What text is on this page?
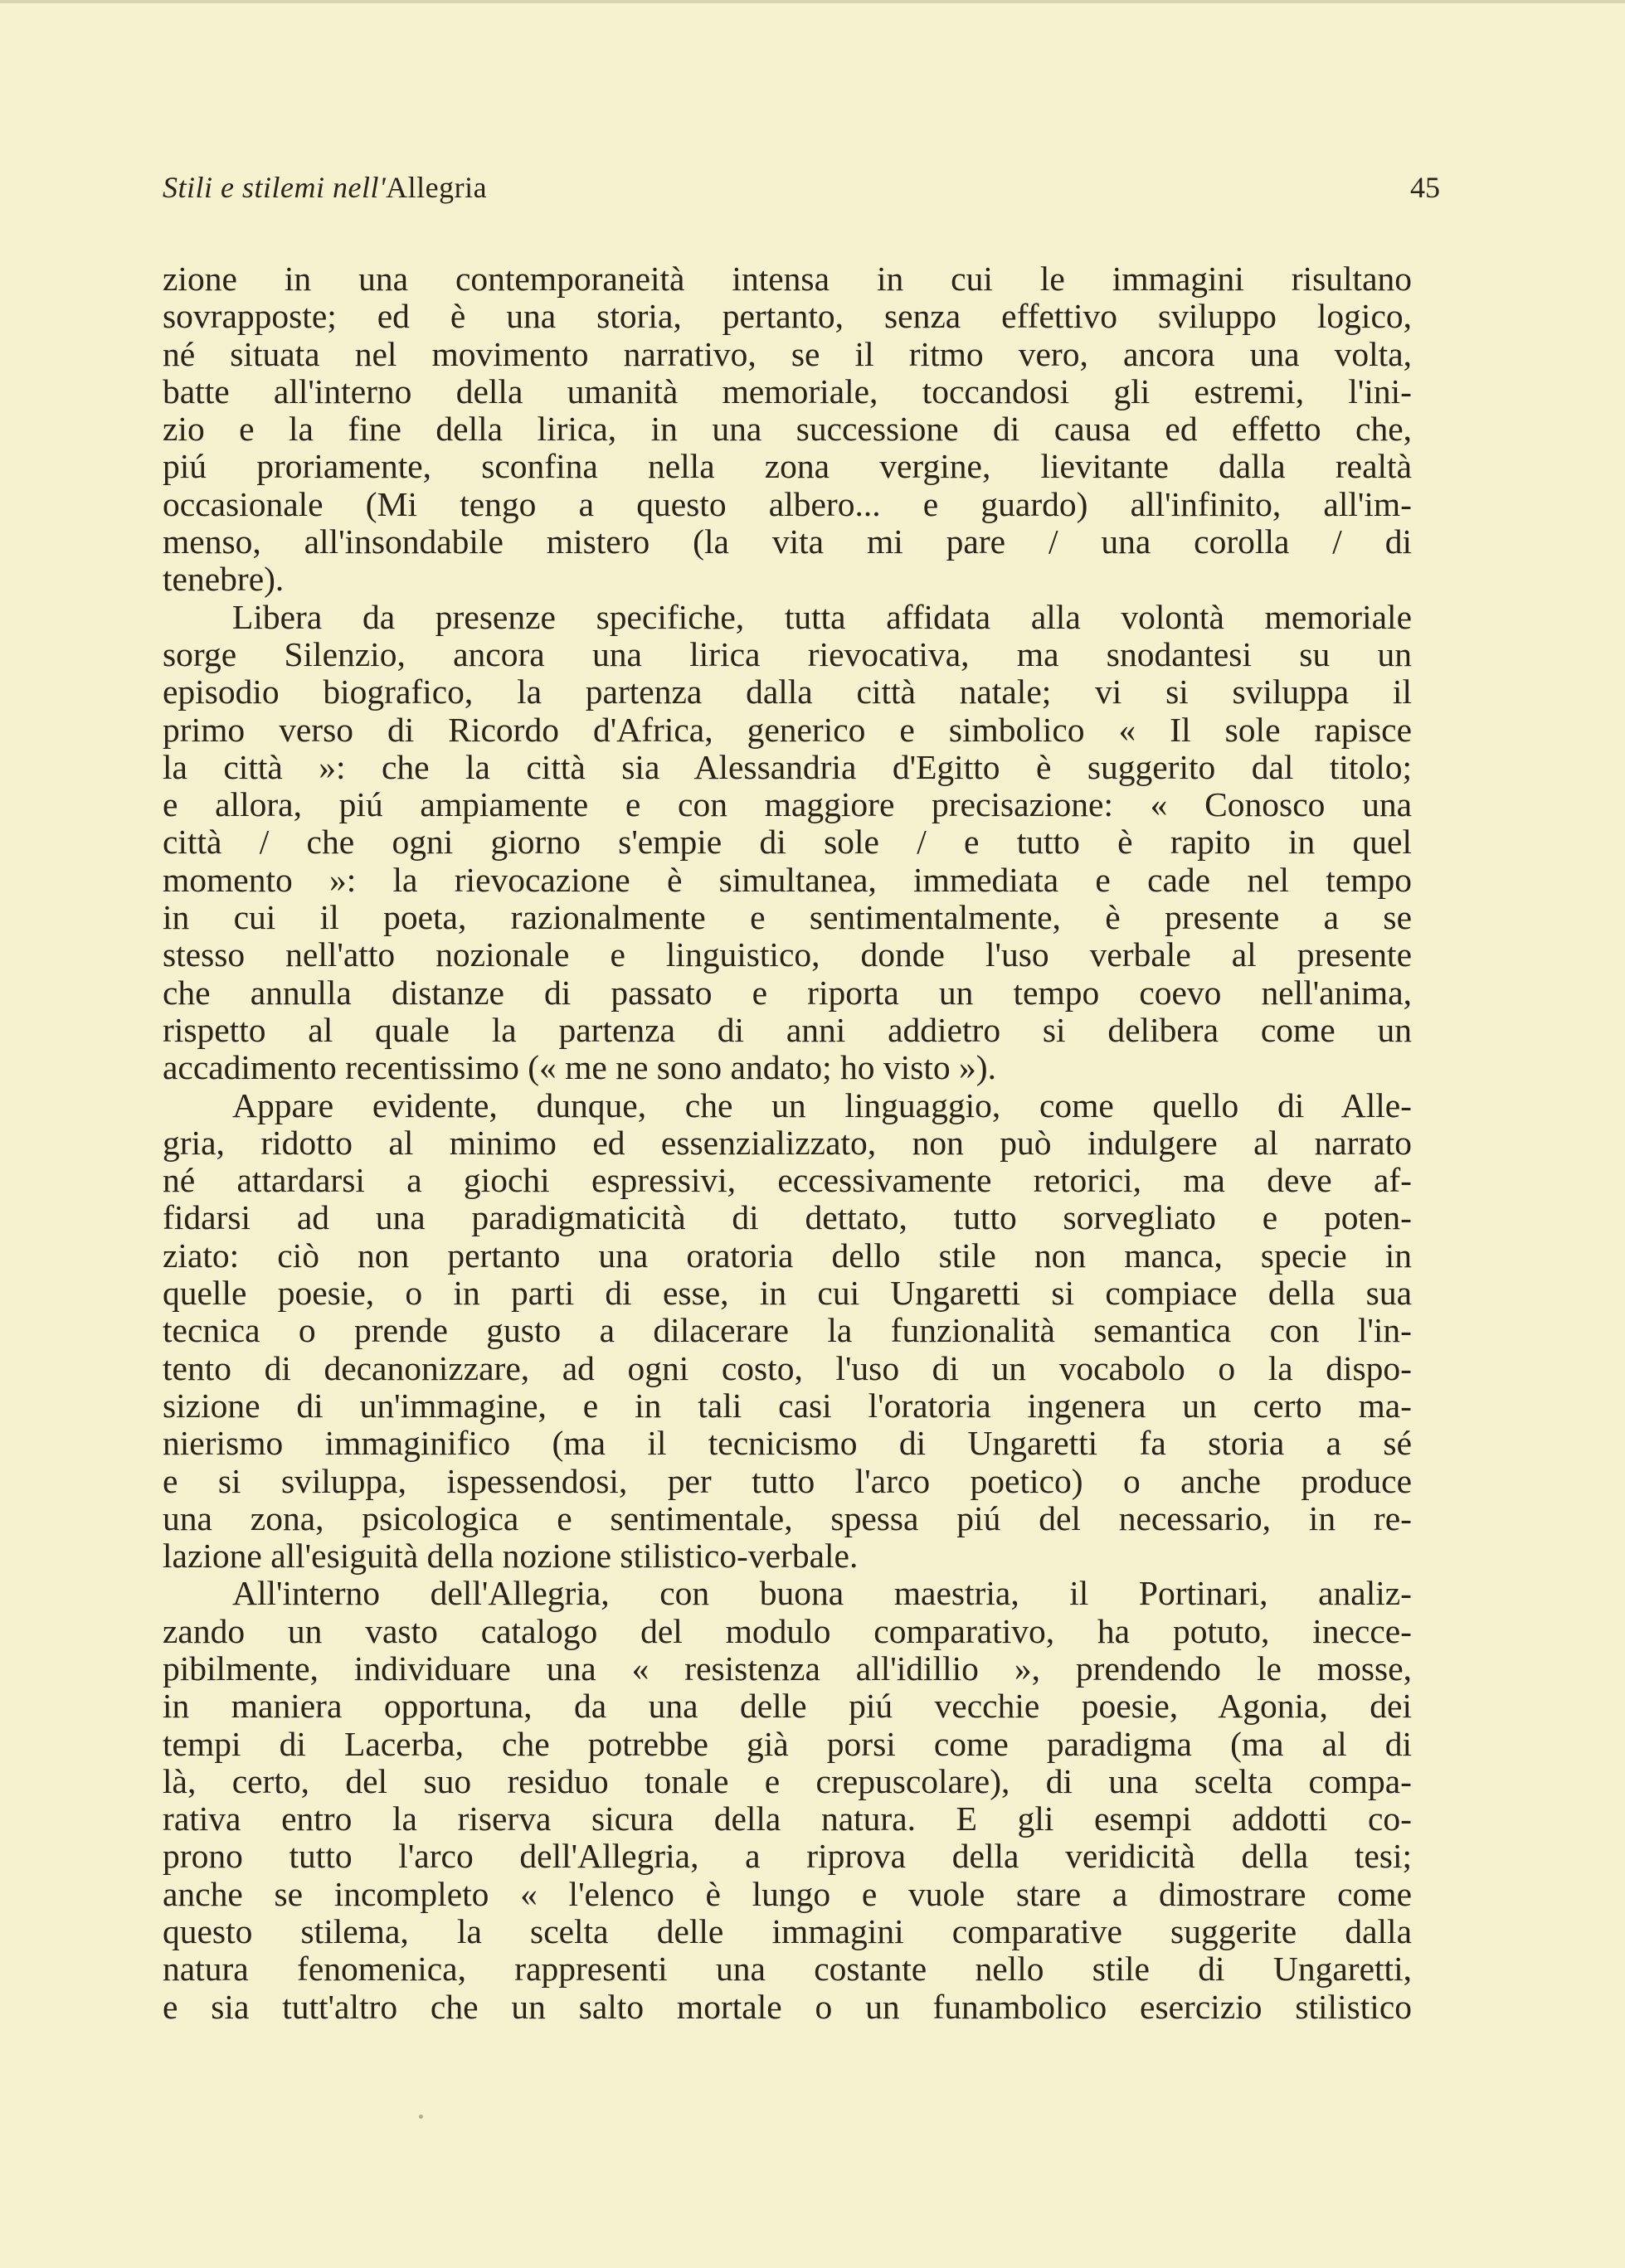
Stili e stilemi nell'Allegria	45

zione in una contemporaneità intensa in cui le immagini risultano
sovrapposte; ed è una storia, pertanto, senza effettivo sviluppo logico,
né situata nel movimento narrativo, se il ritmo vero, ancora una volta,
batte all'interno della umanità memoriale, toccandosi gli estremi, l'ini-
zio e la fine della lirica, in una successione di causa ed effetto che,
piú proriamente, sconfina nella zona vergine, lievitante dalla realtà
occasionale (Mi tengo a questo albero... e guardo) all'infinito, all'im-
menso, all'insondabile mistero (la vita mi pare / una corolla / di
tenebre).

Libera da presenze specifiche, tutta affidata alla volontà memoriale
sorge Silenzio, ancora una lirica rievocativa, ma snodantesi su un
episodio biografico, la partenza dalla città natale; vi si sviluppa il
primo verso di Ricordo d'Africa, generico e simbolico « Il sole rapisce
la città »: che la città sia Alessandria d'Egitto è suggerito dal titolo;
e allora, piú ampiamente e con maggiore precisazione: « Conosco una
città / che ogni giorno s'empie di sole / e tutto è rapito in quel
momento »: la rievocazione è simultanea, immediata e cade nel tempo
in cui il poeta, razionalmente e sentimentalmente, è presente a se
stesso nell'atto nozionale e linguistico, donde l'uso verbale al presente
che annulla distanze di passato e riporta un tempo coevo nell'anima,
rispetto al quale la partenza di anni addietro si delibera come un
accadimento recentissimo (« me ne sono andato; ho visto »).

Appare evidente, dunque, che un linguaggio, come quello di Alle-
gria, ridotto al minimo ed essenzializzato, non può indulgere al narrato
né attardarsi a giochi espressivi, eccessivamente retorici, ma deve af-
fidarsi ad una paradigmaticità di dettato, tutto sorvegliato e poten-
ziato: ciò non pertanto una oratoria dello stile non manca, specie in
quelle poesie, o in parti di esse, in cui Ungaretti si compiace della sua
tecnica o prende gusto a dilacerare la funzionalità semantica con l'in-
tento di decanonizzare, ad ogni costo, l'uso di un vocabolo o la dispo-
sizione di un'immagine, e in tali casi l'oratoria ingenera un certo ma-
nierismo immaginifico (ma il tecnicismo di Ungaretti fa storia a sé
e si sviluppa, ispessendosi, per tutto l'arco poetico) o anche produce
una zona, psicologica e sentimentale, spessa piú del necessario, in re-
lazione all'esiguità della nozione stilistico-verbale.

All'interno dell'Allegria, con buona maestria, il Portinari, analiz-
zando un vasto catalogo del modulo comparativo, ha potuto, inecce-
pibilmente, individuare una « resistenza all'idillio », prendendo le mosse,
in maniera opportuna, da una delle piú vecchie poesie, Agonia, dei
tempi di Lacerba, che potrebbe già porsi come paradigma (ma al di
là, certo, del suo residuo tonale e crepuscolare), di una scelta compa-
rativa entro la riserva sicura della natura. E gli esempi addotti co-
prono tutto l'arco dell'Allegria, a riprova della veridicità della tesi;
anche se incompleto « l'elenco è lungo e vuole stare a dimostrare come
questo stilema, la scelta delle immagini comparative suggerite dalla
natura fenomenica, rappresenti una costante nello stile di Ungaretti,
e sia tutt'altro che un salto mortale o un funambolico esercizio stilistico
